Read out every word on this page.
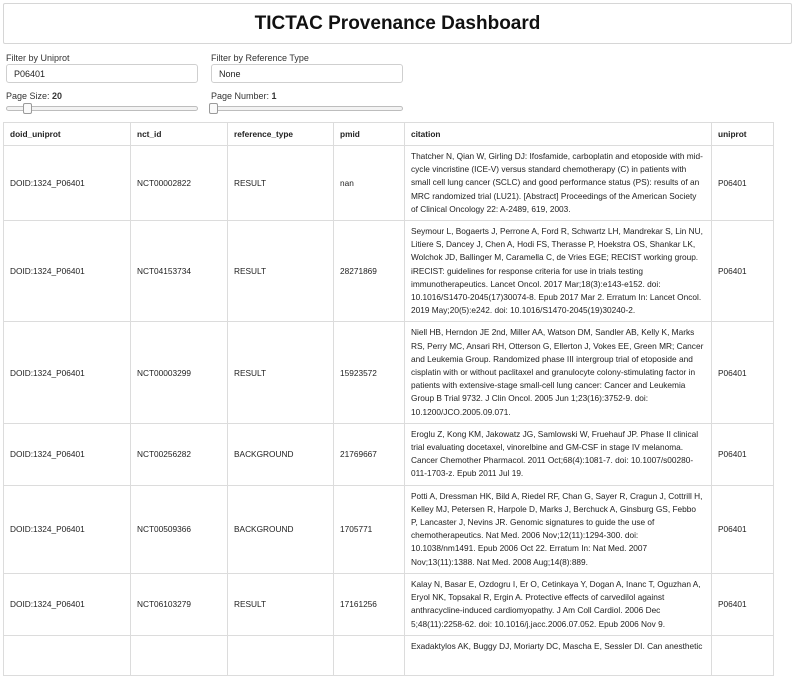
TICTAC Provenance Dashboard
Filter by Uniprot
P06401	Filter by Reference Type
None
Page Size: 20	Page Number: 1
doid_uniprot	nct_id	reference_type	pmid	citation	uniprot
DOID:1324_P06401	NCT00002822	RESULT	nan	Thatcher N, Qian W, Girling DJ: Ifosfamide, carboplatin and etoposide with mid-cycle vincristine (ICE-V) versus standard chemotherapy (C) in patients with small cell lung cancer (SCLC) and good performance status (PS): results of an MRC randomized trial (LU21). [Abstract] Proceedings of the American Society of Clinical Oncology 22: A-2489, 619, 2003.	P06401
DOID:1324_P06401	NCT04153734	RESULT	28271869	Seymour L, Bogaerts J, Perrone A, Ford R, Schwartz LH, Mandrekar S, Lin NU, Litiere S, Dancey J, Chen A, Hodi FS, Therasse P, Hoekstra OS, Shankar LK, Wolchok JD, Ballinger M, Caramella C, de Vries EGE; RECIST working group. iRECIST: guidelines for response criteria for use in trials testing immunotherapeutics. Lancet Oncol. 2017 Mar;18(3):e143-e152. doi: 10.1016/S1470-2045(17)30074-8. Epub 2017 Mar 2. Erratum In: Lancet Oncol. 2019 May;20(5):e242. doi: 10.1016/S1470-2045(19)30240-2.	P06401
DOID:1324_P06401	NCT00003299	RESULT	15923572	Niell HB, Herndon JE 2nd, Miller AA, Watson DM, Sandler AB, Kelly K, Marks RS, Perry MC, Ansari RH, Otterson G, Ellerton J, Vokes EE, Green MR; Cancer and Leukemia Group. Randomized phase III intergroup trial of etoposide and cisplatin with or without paclitaxel and granulocyte colony-stimulating factor in patients with extensive-stage small-cell lung cancer: Cancer and Leukemia Group B Trial 9732. J Clin Oncol. 2005 Jun 1;23(16):3752-9. doi: 10.1200/JCO.2005.09.071.	P06401
DOID:1324_P06401	NCT00256282	BACKGROUND	21769667	Eroglu Z, Kong KM, Jakowatz JG, Samlowski W, Fruehauf JP. Phase II clinical trial evaluating docetaxel, vinorelbine and GM-CSF in stage IV melanoma. Cancer Chemother Pharmacol. 2011 Oct;68(4):1081-7. doi: 10.1007/s00280-011-1703-z. Epub 2011 Jul 19.	P06401
DOID:1324_P06401	NCT00509366	BACKGROUND	1705771	Potti A, Dressman HK, Bild A, Riedel RF, Chan G, Sayer R, Cragun J, Cottrill H, Kelley MJ, Petersen R, Harpole D, Marks J, Berchuck A, Ginsburg GS, Febbo P, Lancaster J, Nevins JR. Genomic signatures to guide the use of chemotherapeutics. Nat Med. 2006 Nov;12(11):1294-300. doi: 10.1038/nm1491. Epub 2006 Oct 22. Erratum In: Nat Med. 2007 Nov;13(11):1388. Nat Med. 2008 Aug;14(8):889.	P06401
DOID:1324_P06401	NCT06103279	RESULT	17161256	Kalay N, Basar E, Ozdogru I, Er O, Cetinkaya Y, Dogan A, Inanc T, Oguzhan A, Eryol NK, Topsakal R, Ergin A. Protective effects of carvedilol against anthracycline-induced cardiomyopathy. J Am Coll Cardiol. 2006 Dec 5;48(11):2258-62. doi: 10.1016/j.jacc.2006.07.052. Epub 2006 Nov 9.	P06401
				Exadaktylos AK, Buggy DJ, Moriarty DC, Mascha E, Sessler DI. Can anesthetic	
